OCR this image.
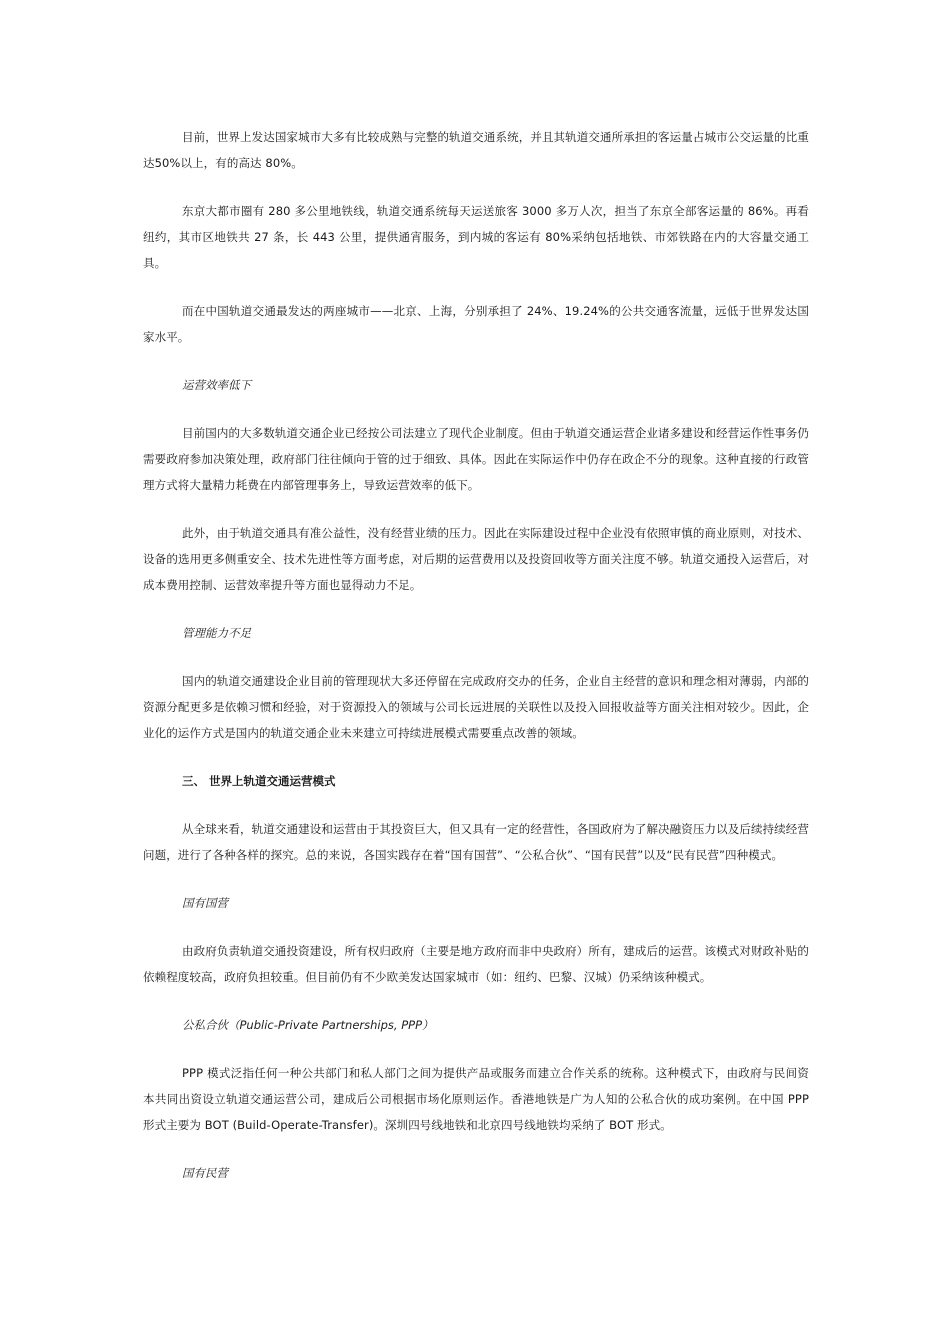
目前，世界上发达国家城市大多有比较成熟与完整的轨道交通系统，并且其轨道交通所承担的客运量占城市公交运量的比重达50%以上，有的高达 80%。

东京大都市圈有 280 多公里地铁线，轨道交通系统每天运送旅客 3000 多万人次，担当了东京全部客运量的 86%。再看纽约，其市区地铁共 27 条，长 443 公里，提供通宵服务，到内城的客运有 80%采纳包括地铁、市郊铁路在内的大容量交通工具。

而在中国轨道交通最发达的两座城市——北京、上海，分别承担了 24%、19.24%的公共交通客流量，远低于世界发达国家水平。

运营效率低下

目前国内的大多数轨道交通企业已经按公司法建立了现代企业制度。但由于轨道交通运营企业诸多建设和经营运作性事务仍需要政府参加决策处理，政府部门往往倾向于管的过于细致、具体。因此在实际运作中仍存在政企不分的现象。这种直接的行政管理方式将大量精力耗费在内部管理事务上，导致运营效率的低下。

此外，由于轨道交通具有准公益性，没有经营业绩的压力。因此在实际建设过程中企业没有依照审慎的商业原则，对技术、设备的选用更多侧重安全、技术先进性等方面考虑，对后期的运营费用以及投资回收等方面关注度不够。轨道交通投入运营后，对成本费用控制、运营效率提升等方面也显得动力不足。

管理能力不足

国内的轨道交通建设企业目前的管理现状大多还停留在完成政府交办的任务，企业自主经营的意识和理念相对薄弱，内部的资源分配更多是依赖习惯和经验，对于资源投入的领域与公司长远进展的关联性以及投入回报收益等方面关注相对较少。因此，企业化的运作方式是国内的轨道交通企业未来建立可持续进展模式需要重点改善的领域。

三、 世界上轨道交通运营模式

从全球来看，轨道交通建设和运营由于其投资巨大，但又具有一定的经营性，各国政府为了解决融资压力以及后续持续经营问题，进行了各种各样的探究。总的来说，各国实践存在着“国有国营”、“公私合伙”、“国有民营”以及“民有民营”四种模式。

国有国营

由政府负责轨道交通投资建设，所有权归政府（主要是地方政府而非中央政府）所有，建成后的运营。该模式对财政补贴的依赖程度较高，政府负担较重。但目前仍有不少欧美发达国家城市（如：纽约、巴黎、汉城）仍采纳该种模式。

公私合伙（Public-Private Partnerships, PPP）

PPP 模式泛指任何一种公共部门和私人部门之间为提供产品或服务而建立合作关系的统称。这种模式下，由政府与民间资本共同出资设立轨道交通运营公司，建成后公司根据市场化原则运作。香港地铁是广为人知的公私合伙的成功案例。在中国 PPP 形式主要为 BOT (Build-Operate-Transfer)。深圳四号线地铁和北京四号线地铁均采纳了 BOT 形式。

国有民营
